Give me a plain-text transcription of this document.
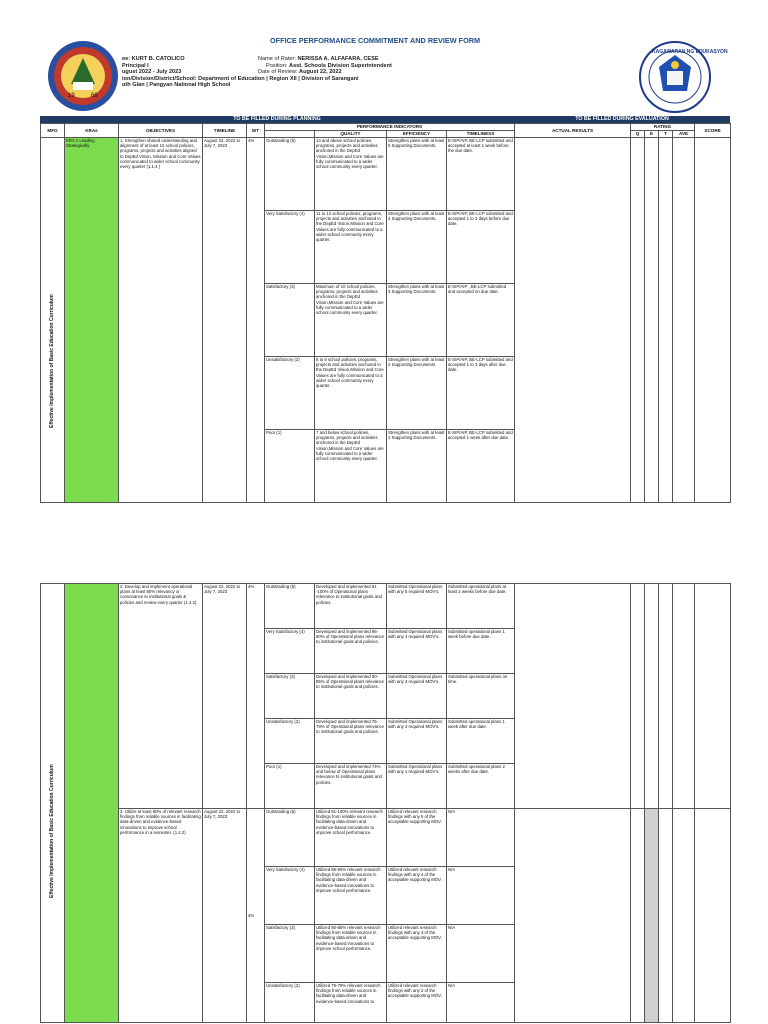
19	66
KAGAWARAN NG EDUKASYON
OFFICE PERFORMANCE COMMITMENT AND REVIEW FORM
ee: KURT B. CATOLICO
Principal I
ugust 2022 - July 2023
ion/Division/District/School: Department of Education | Region XII | Division of Sarangani
uth Glan | Pangyan National High School
Name of Rater: NERISSA A. ALFAFARA, CESE
Position: Asst. Schools Division Superintendent
Date of Review: August 22, 2022
TO BE FILLED DURING PLANNING	TO BE FILLED DURING EVALUATION
MFO	KRAs	OBJECTIVES	TIMELINE	WT	PERFORMANCE INDICATORS				ACTUAL RESULTS	RATING				SCORE
						QUALITY	EFFICIENCY	TIMELINESS		Q	E	T	AVE	
	KRA 1 Leading Strategically	1. Strengthen shared understanding and alignment of at least 10 school policies, programs, projects and activities aligned to DepEd Vision, Mission and Core Values communicated to wider school community every quarter (1.1.4 )	August 22, 2022 to July 7, 2023	4%	Outstanding (5)	13 and above school policies, programs, projects and activities anchored in the DepEd Vision,Mission and Core Values are fully communicated to a wider school community every quarter.	Strengthen plans with at least 5 Supporting Documents.	E-SIP/AIP, BE-LCP submitted and accepted at least 1 week before the due date.						
					Very Satisfactory (4)	11 to 12 school policies, programs, projects and activities anchored in the DepEd Vision,Mission and Core Values are fully communicated to a wider school community every quarter.	Strengthen plans with at least 4 Supporting Documents.	E-SIP/AIP, BE-LCP submitted and accepted 1 to 3 days before due date.						
					Satisfactory (3)	Maximum of 10 school policies, programs, projects and activities anchored in the DepEd Vision,Mission and Core Values are fully communicated to a wider school community every quarter.	Strengthen plans with at least 3 Supporting Documents.	E-SIP/AIP , BE-LCP submitted and accepted on due date.						
					Unsatisfactory (2)	8 to 9 school policies, programs, projects and activities anchored in the DepEd Vision,Mission and Core Values are fully communicated to a wider school community every quarter.	Strengthen plans with at least 2 Supporting Documents.	E-SIP/AIP, BE-LCP submitted and accepted 1 to 3 days after due date.						
					Poor (1)	7 and below school policies, programs, projects and activities anchored in the DepEd Vision,Mission and Core Values are fully communicated to a wider school community every quarter.	Strengthen plans with at least 1 Supporting Documents.	E-SIP/AIP, BE-LCP submitted and accepted 1 week after due date.						
Effective Implementation of Basic Education Curriculum
		2. Develop and implement operational plans at least 80% relevancy or consonance to institutional goals & policies and review every quarter (1.2.2)	August 22, 2022 to July 7, 2023	4%	Outstanding (5)	Developed and implemented 91 -100% of Operational plans relevance to institutional goals and policies.	Submitted Operational plans with any 5 required MOV's.	Submitted operational plans at least 2 weeks before due date.						
					Very Satisfactory (4)	Developed and implemented 86-90% of Operational plans relevance to institutional goals and policies.	Submitted Operational plans with any 4 required MOV's.	Submitted operational plans 1 week before due date.						
					Satisfactory (3)	Developed and implemented 80-85% of Operational plans relevance to institutional goals and policies.	Submitted Operational plans with any 3 required MOV's.	Submitted operational plans on time.						
					Unsatisfactory (2)	Developed and implemented 75-79% of Operational plans relevance to institutional goals and policies.	Submitted Operational plans with any 2 required MOV's.	Submitted operational plans 1 week after due date.						
					Poor (1)	Developed and implemented 74% and below of Operational plans relevance to institutional goals and policies.	Submitted Operational plans with any 1 required MOV's.	Submitted operational plans 2 weeks after due date.						
		3. Utilize at least 80% of relevant research findings from reliable sources in facilitating data-driven and evidence-based innovations to improve school performance in a semester. (1.4.2)	August 22, 2022 to July 7, 2023	4%	Outstanding (5)	Utilized 91-100% relevant research findings from reliable sources in facilitating data-driven and evidence-based innovations to improve school performance.	Utilized relevant research findings with any 5 of the acceptable supporting MOV.	N/A						
					Very Satisfactory (4)	Utilized 86-90% relevant research findings from reliable sources in facilitating data-driven and evidence-based innovations to improve school performance.	Utilized relevant research findings with any 4 of the acceptable supporting MOV.	N/A						
					Satisfactory (3)	Utilized 80-85% relevant research findings from reliable sources in facilitating data-driven and evidence-based innovations to improve school performance.	Utilized relevant research findings with any 3 of the acceptable supporting MOV.	N/A						
					Unsatisfactory (2)	Utilized 75-79% relevant research findings from reliable sources in facilitating data-driven and evidence-based innovations to	Utilized relevant research findings with any 2 of the acceptable supporting MOV.	N/A						
Effective Implementation of Basic Education Curriculum
